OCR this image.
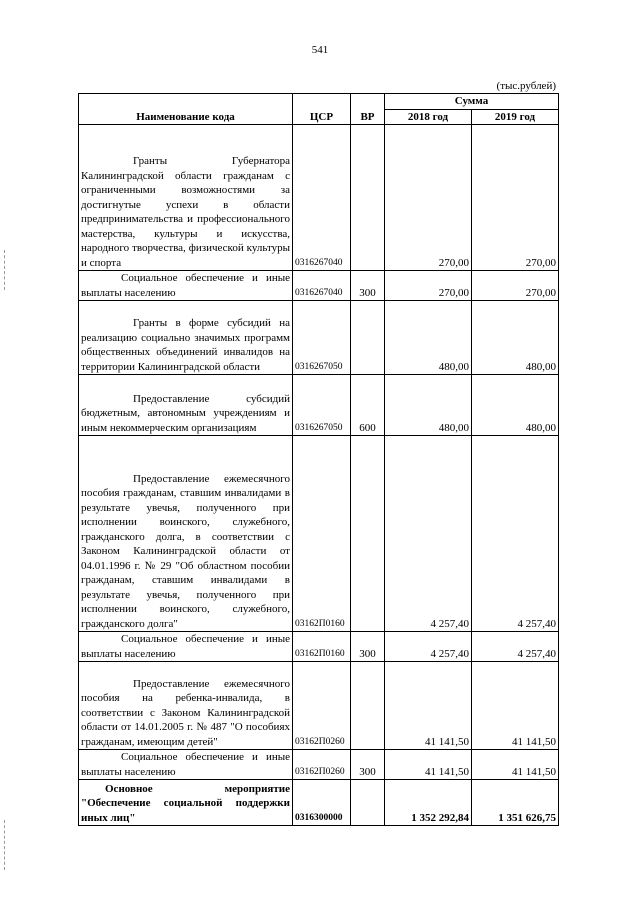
541
(тыс.рублей)
Наименование кода	ЦСР	ВР	Сумма	
			2018 год	2019 год
Гранты Губернатора Калининградской области гражданам с ограниченными возможностями за достигнутые успехи в области предпринимательства и профессионального мастерства, культуры и искусства, народного творчества, физической культуры и спорта	0316267040		270,00	270,00
Социальное обеспечение и иные выплаты населению	0316267040	300	270,00	270,00
Гранты в форме субсидий на реализацию социально значимых программ общественных объединений инвалидов на территории Калининградской области	0316267050		480,00	480,00
Предоставление субсидий бюджетным, автономным учреждениям и иным некоммерческим организациям	0316267050	600	480,00	480,00
Предоставление ежемесячного пособия гражданам, ставшим инвалидами в результате увечья, полученного при исполнении воинского, служебного, гражданского долга, в соответствии с Законом Калининградской области от 04.01.1996 г. № 29 "Об областном пособии гражданам, ставшим инвалидами в результате увечья, полученного при исполнении воинского, служебного, гражданского долга"	03162П0160		4 257,40	4 257,40
Социальное обеспечение и иные выплаты населению	03162П0160	300	4 257,40	4 257,40
Предоставление ежемесячного пособия на ребенка-инвалида, в соответствии с Законом Калининградской области от 14.01.2005 г. № 487 "О пособиях гражданам, имеющим детей"	03162П0260		41 141,50	41 141,50
Социальное обеспечение и иные выплаты населению	03162П0260	300	41 141,50	41 141,50
Основное мероприятие "Обеспечение социальной поддержки иных лиц"	0316300000		1 352 292,84	1 351 626,75
